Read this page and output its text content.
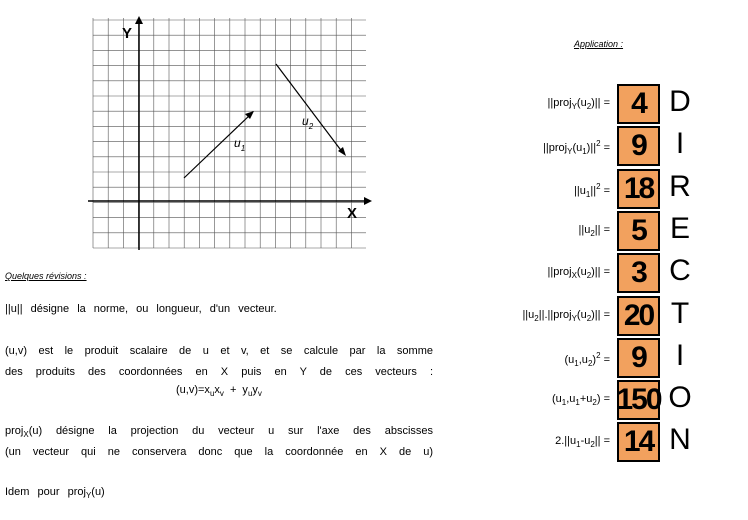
Y
X
$u_1$
$u_2$
Application :
$||proj_Y(u_2)|| = 4$ D
$||proj_Y(u_1)||^2 = 9$ I
$||u_1||^2 = 18$ R
$||u_2|| = 5$ E
$||proj_X(u_2)|| = 3$ C
$||u_2||.||proj_Y(u_2)|| = 20$ T
$(u_1,u_2)^2 = 9$ I
$(u_1,u_1+u_2) = 150$ O
$2.||u_1-u_2|| = 14$ N
Quelques révisions :
||u|| désigne la norme, ou longueur, d'un vecteur.
(u,v) est le produit scalaire de u et v, et se calcule par la somme
des produits des coordonnées en X puis en Y de ces vecteurs :
$(u,v)=x_ux_v + y_uy_v$
proj$_X$(u) désigne la projection du vecteur u sur l'axe des abscisses
(un vecteur qui ne conservera donc que la coordonnée en X de u)
Idem pour proj$_Y$(u)
